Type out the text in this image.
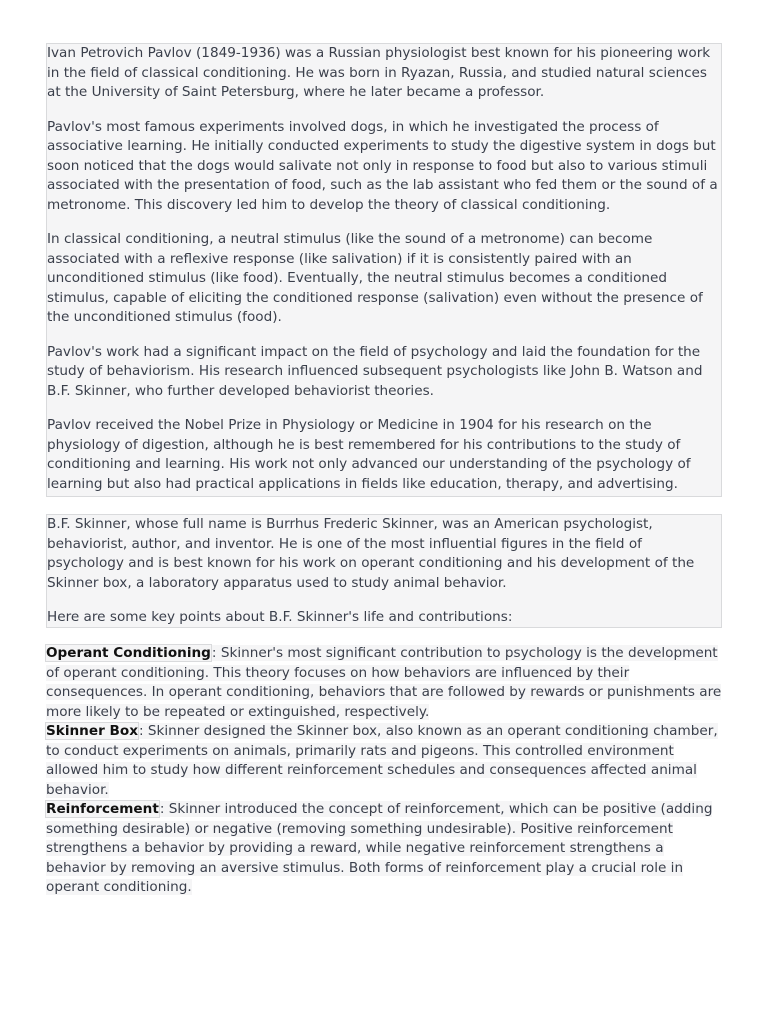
Ivan Petrovich Pavlov (1849-1936) was a Russian physiologist best known for his pioneering work in the field of classical conditioning. He was born in Ryazan, Russia, and studied natural sciences at the University of Saint Petersburg, where he later became a professor.

Pavlov's most famous experiments involved dogs, in which he investigated the process of associative learning. He initially conducted experiments to study the digestive system in dogs but soon noticed that the dogs would salivate not only in response to food but also to various stimuli associated with the presentation of food, such as the lab assistant who fed them or the sound of a metronome. This discovery led him to develop the theory of classical conditioning.

In classical conditioning, a neutral stimulus (like the sound of a metronome) can become associated with a reflexive response (like salivation) if it is consistently paired with an unconditioned stimulus (like food). Eventually, the neutral stimulus becomes a conditioned stimulus, capable of eliciting the conditioned response (salivation) even without the presence of the unconditioned stimulus (food).

Pavlov's work had a significant impact on the field of psychology and laid the foundation for the study of behaviorism. His research influenced subsequent psychologists like John B. Watson and B.F. Skinner, who further developed behaviorist theories.

Pavlov received the Nobel Prize in Physiology or Medicine in 1904 for his research on the physiology of digestion, although he is best remembered for his contributions to the study of conditioning and learning. His work not only advanced our understanding of the psychology of learning but also had practical applications in fields like education, therapy, and advertising.

B.F. Skinner, whose full name is Burrhus Frederic Skinner, was an American psychologist, behaviorist, author, and inventor. He is one of the most influential figures in the field of psychology and is best known for his work on operant conditioning and his development of the Skinner box, a laboratory apparatus used to study animal behavior.

Here are some key points about B.F. Skinner's life and contributions:

Operant Conditioning: Skinner's most significant contribution to psychology is the development of operant conditioning. This theory focuses on how behaviors are influenced by their consequences. In operant conditioning, behaviors that are followed by rewards or punishments are more likely to be repeated or extinguished, respectively.

Skinner Box: Skinner designed the Skinner box, also known as an operant conditioning chamber, to conduct experiments on animals, primarily rats and pigeons. This controlled environment allowed him to study how different reinforcement schedules and consequences affected animal behavior.

Reinforcement: Skinner introduced the concept of reinforcement, which can be positive (adding something desirable) or negative (removing something undesirable). Positive reinforcement strengthens a behavior by providing a reward, while negative reinforcement strengthens a behavior by removing an aversive stimulus. Both forms of reinforcement play a crucial role in operant conditioning.
